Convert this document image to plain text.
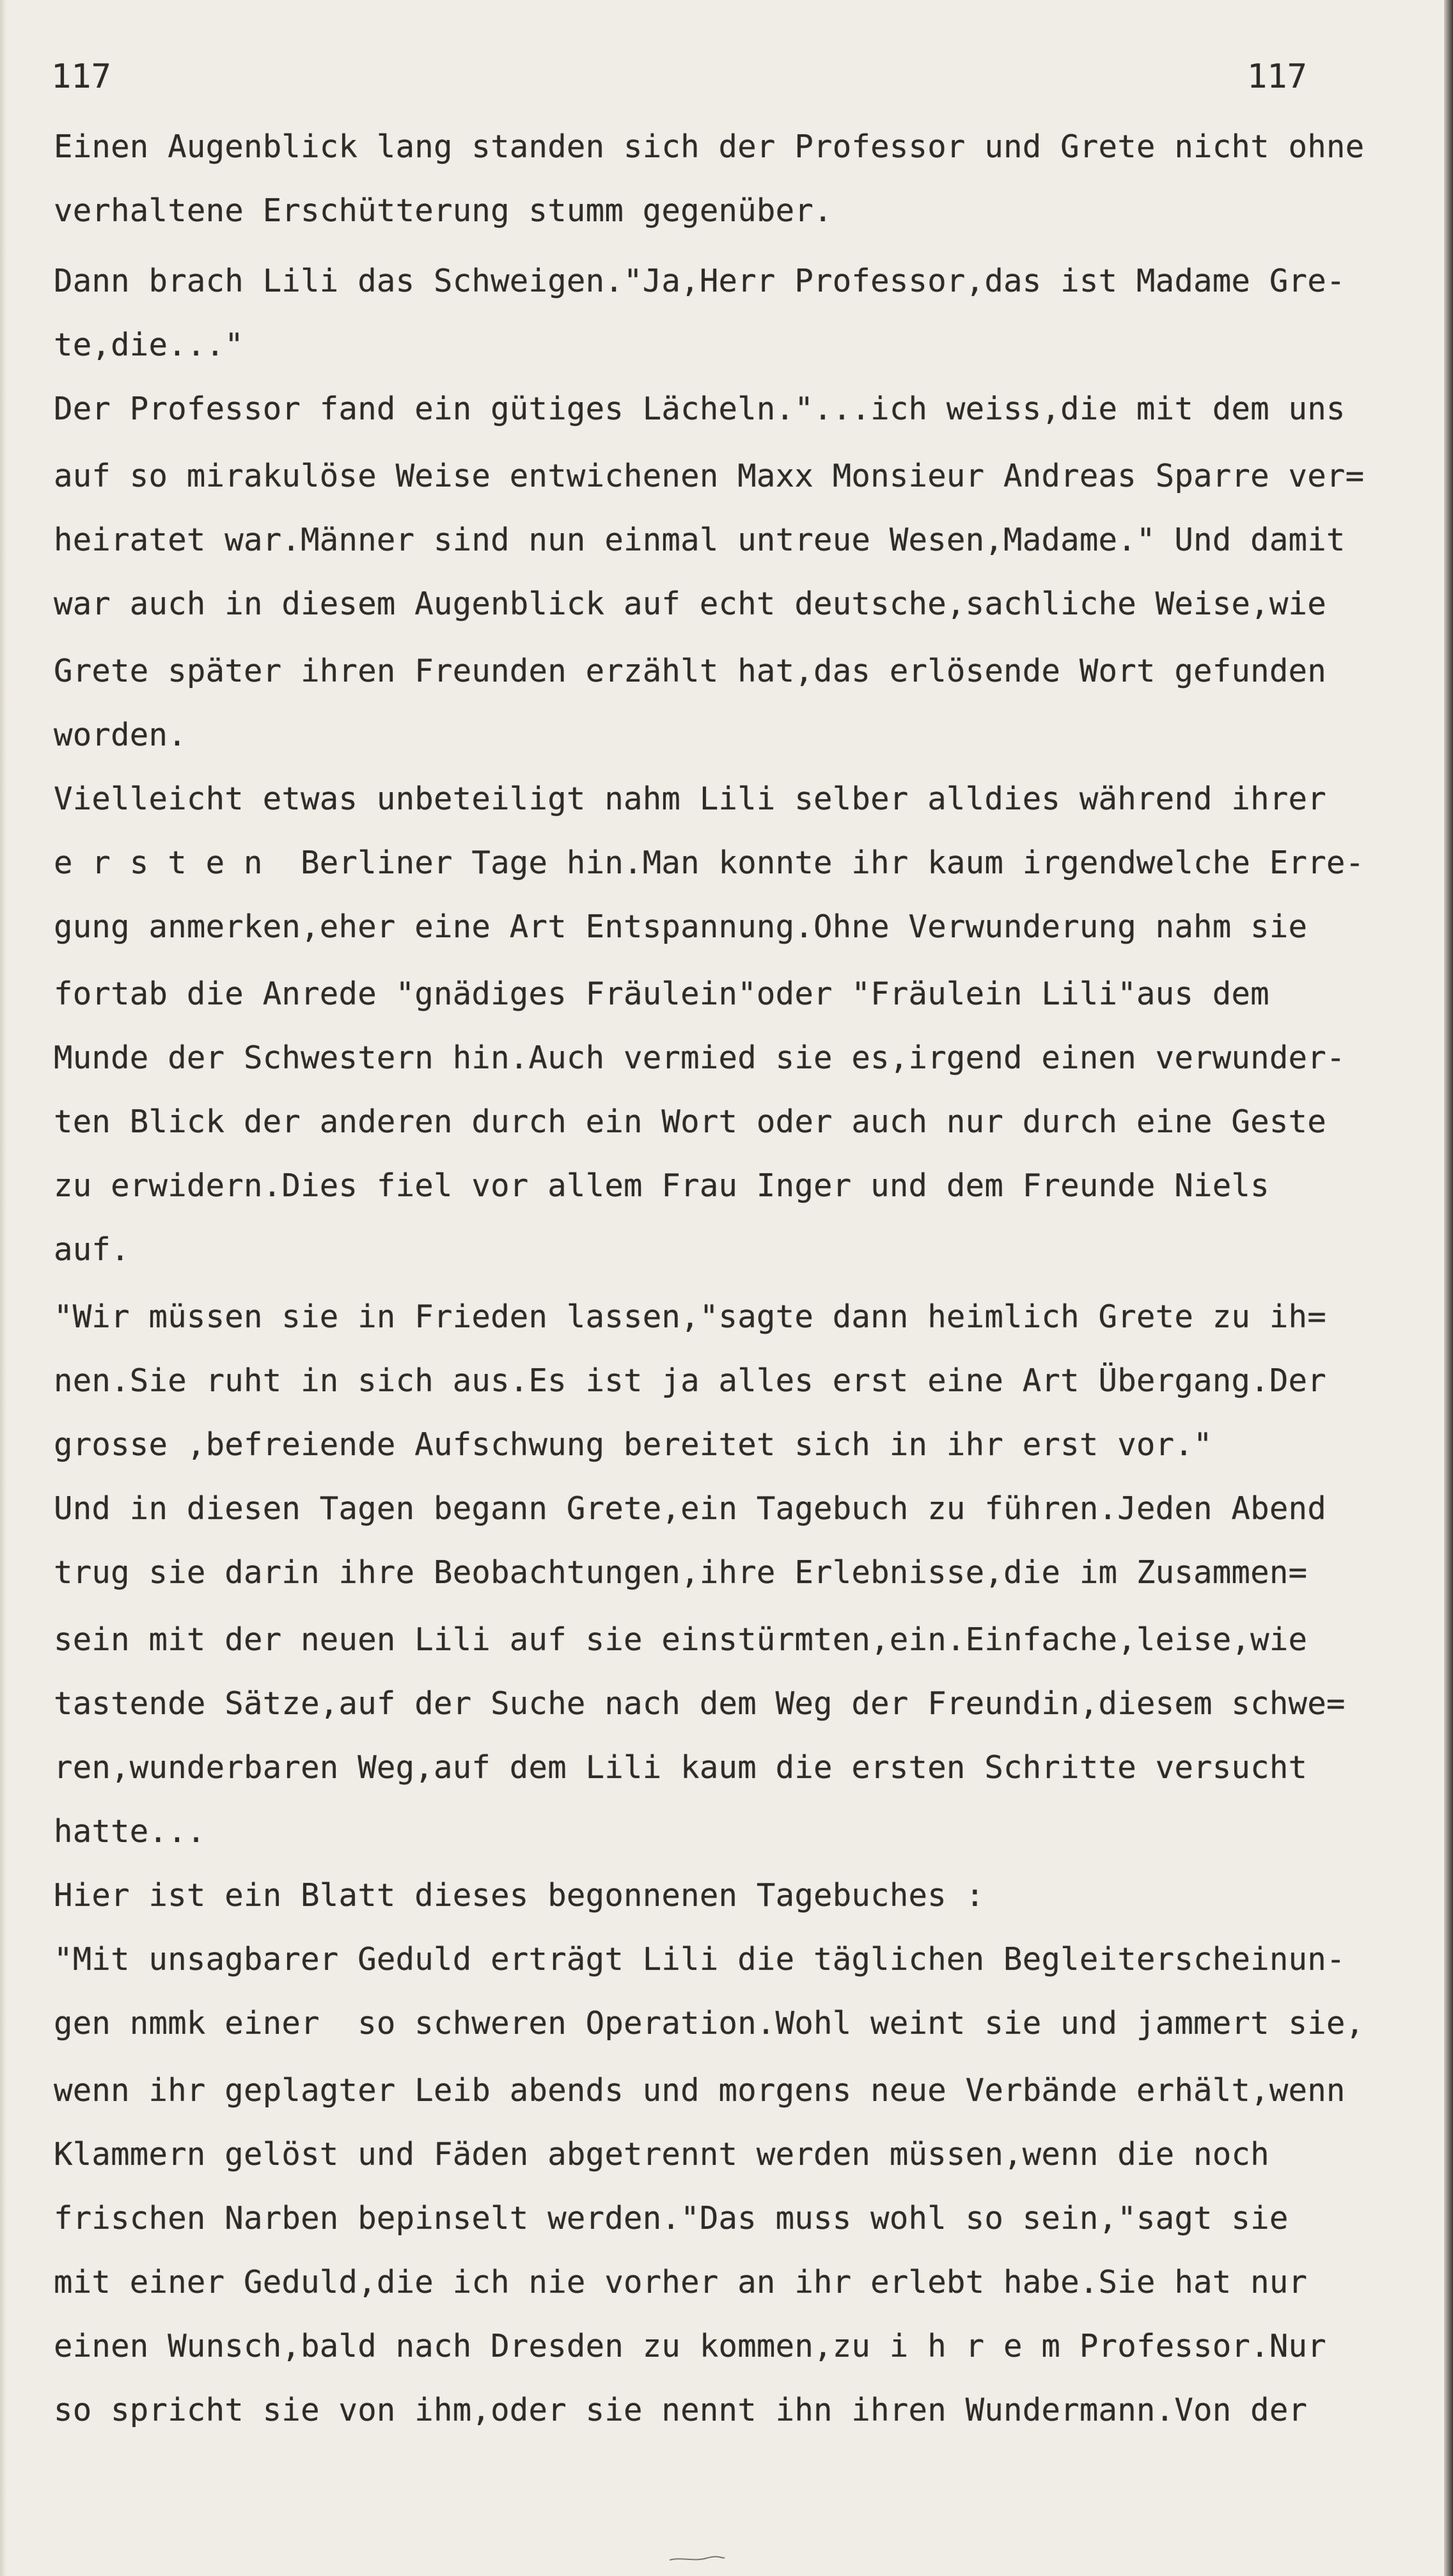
117	117
Einen Augenblick lang standen sich der Professor und Grete nicht ohne
verhaltene Erschütterung stumm gegenüber.
Dann brach Lili das Schweigen."Ja,Herr Professor,das ist Madame Gre-
te,die..."
Der Professor fand ein gütiges Lächeln."...ich weiss,die mit dem uns
auf so mirakulöse Weise entwichenen Maxx Monsieur Andreas Sparre ver=
heiratet war.Männer sind nun einmal untreue Wesen,Madame." Und damit
war auch in diesem Augenblick auf echt deutsche,sachliche Weise,wie
Grete später ihren Freunden erzählt hat,das erlösende Wort gefunden
worden.
Vielleicht etwas unbeteiligt nahm Lili selber alldies während ihrer
e r s t e n  Berliner Tage hin.Man konnte ihr kaum irgendwelche Erre-
gung anmerken,eher eine Art Entspannung.Ohne Verwunderung nahm sie
fortab die Anrede "gnädiges Fräulein"oder "Fräulein Lili"aus dem
Munde der Schwestern hin.Auch vermied sie es,irgend einen verwunder-
ten Blick der anderen durch ein Wort oder auch nur durch eine Geste
zu erwidern.Dies fiel vor allem Frau Inger und dem Freunde Niels
auf.
"Wir müssen sie in Frieden lassen,"sagte dann heimlich Grete zu ih=
nen.Sie ruht in sich aus.Es ist ja alles erst eine Art Übergang.Der
grosse ,befreiende Aufschwung bereitet sich in ihr erst vor."
Und in diesen Tagen begann Grete,ein Tagebuch zu führen.Jeden Abend
trug sie darin ihre Beobachtungen,ihre Erlebnisse,die im Zusammen=
sein mit der neuen Lili auf sie einstürmten,ein.Einfache,leise,wie
tastende Sätze,auf der Suche nach dem Weg der Freundin,diesem schwe=
ren,wunderbaren Weg,auf dem Lili kaum die ersten Schritte versucht
hatte...
Hier ist ein Blatt dieses begonnenen Tagebuches :
"Mit unsagbarer Geduld erträgt Lili die täglichen Begleiterscheinun-
gen nmmk einer  so schweren Operation.Wohl weint sie und jammert sie,
wenn ihr geplagter Leib abends und morgens neue Verbände erhält,wenn
Klammern gelöst und Fäden abgetrennt werden müssen,wenn die noch
frischen Narben bepinselt werden."Das muss wohl so sein,"sagt sie
mit einer Geduld,die ich nie vorher an ihr erlebt habe.Sie hat nur
einen Wunsch,bald nach Dresden zu kommen,zu i h r e m Professor.Nur
so spricht sie von ihm,oder sie nennt ihn ihren Wundermann.Von der
